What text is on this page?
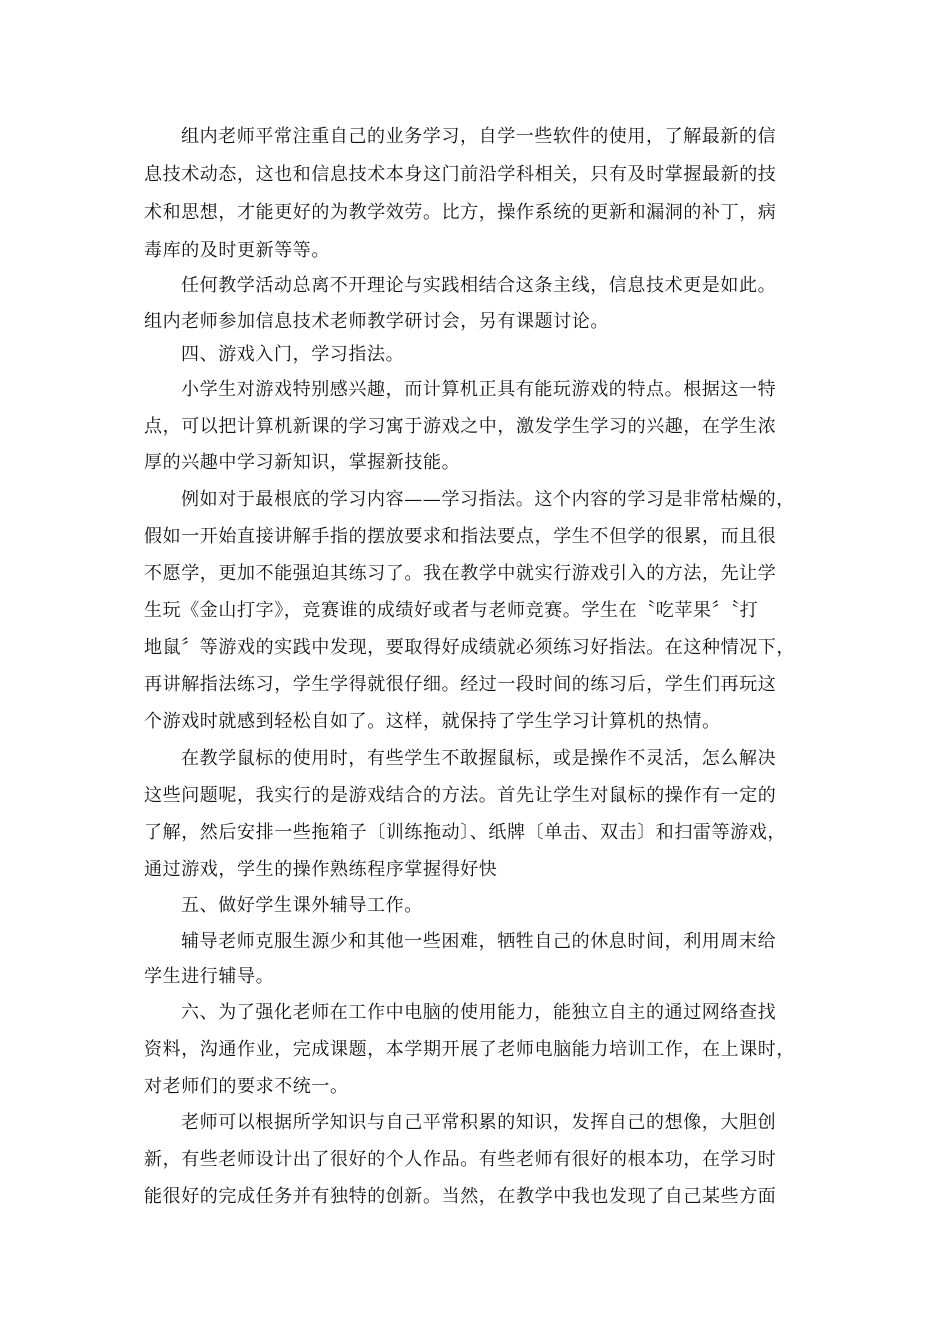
组内老师平常注重自己的业务学习，自学一些软件的使用，了解最新的信
息技术动态，这也和信息技术本身这门前沿学科相关，只有及时掌握最新的技
术和思想，才能更好的为教学效劳。比方，操作系统的更新和漏洞的补丁，病
毒库的及时更新等等。
任何教学活动总离不开理论与实践相结合这条主线，信息技术更是如此。
组内老师参加信息技术老师教学研讨会，另有课题讨论。
四、游戏入门，学习指法。
小学生对游戏特别感兴趣，而计算机正具有能玩游戏的特点。根据这一特
点，可以把计算机新课的学习寓于游戏之中，激发学生学习的兴趣，在学生浓
厚的兴趣中学习新知识，掌握新技能。
例如对于最根底的学习内容——学习指法。这个内容的学习是非常枯燥的，
假如一开始直接讲解手指的摆放要求和指法要点，学生不但学的很累，而且很
不愿学，更加不能强迫其练习了。我在教学中就实行游戏引入的方法，先让学
生玩《金山打字》，竞赛谁的成绩好或者与老师竞赛。学生在〝吃苹果〞〝打
地鼠〞等游戏的实践中发现，要取得好成绩就必须练习好指法。在这种情况下，
再讲解指法练习，学生学得就很仔细。经过一段时间的练习后，学生们再玩这
个游戏时就感到轻松自如了。这样，就保持了学生学习计算机的热情。
在教学鼠标的使用时，有些学生不敢握鼠标，或是操作不灵活，怎么解决
这些问题呢，我实行的是游戏结合的方法。首先让学生对鼠标的操作有一定的
了解，然后安排一些拖箱子〔训练拖动〕、纸牌〔单击、双击〕和扫雷等游戏，
通过游戏，学生的操作熟练程序掌握得好快
五、做好学生课外辅导工作。
辅导老师克服生源少和其他一些困难，牺牲自己的休息时间，利用周末给
学生进行辅导。
六、为了强化老师在工作中电脑的使用能力，能独立自主的通过网络查找
资料，沟通作业，完成课题，本学期开展了老师电脑能力培训工作，在上课时，
对老师们的要求不统一。
老师可以根据所学知识与自己平常积累的知识，发挥自己的想像，大胆创
新，有些老师设计出了很好的个人作品。有些老师有很好的根本功，在学习时
能很好的完成任务并有独特的创新。当然，在教学中我也发现了自己某些方面
